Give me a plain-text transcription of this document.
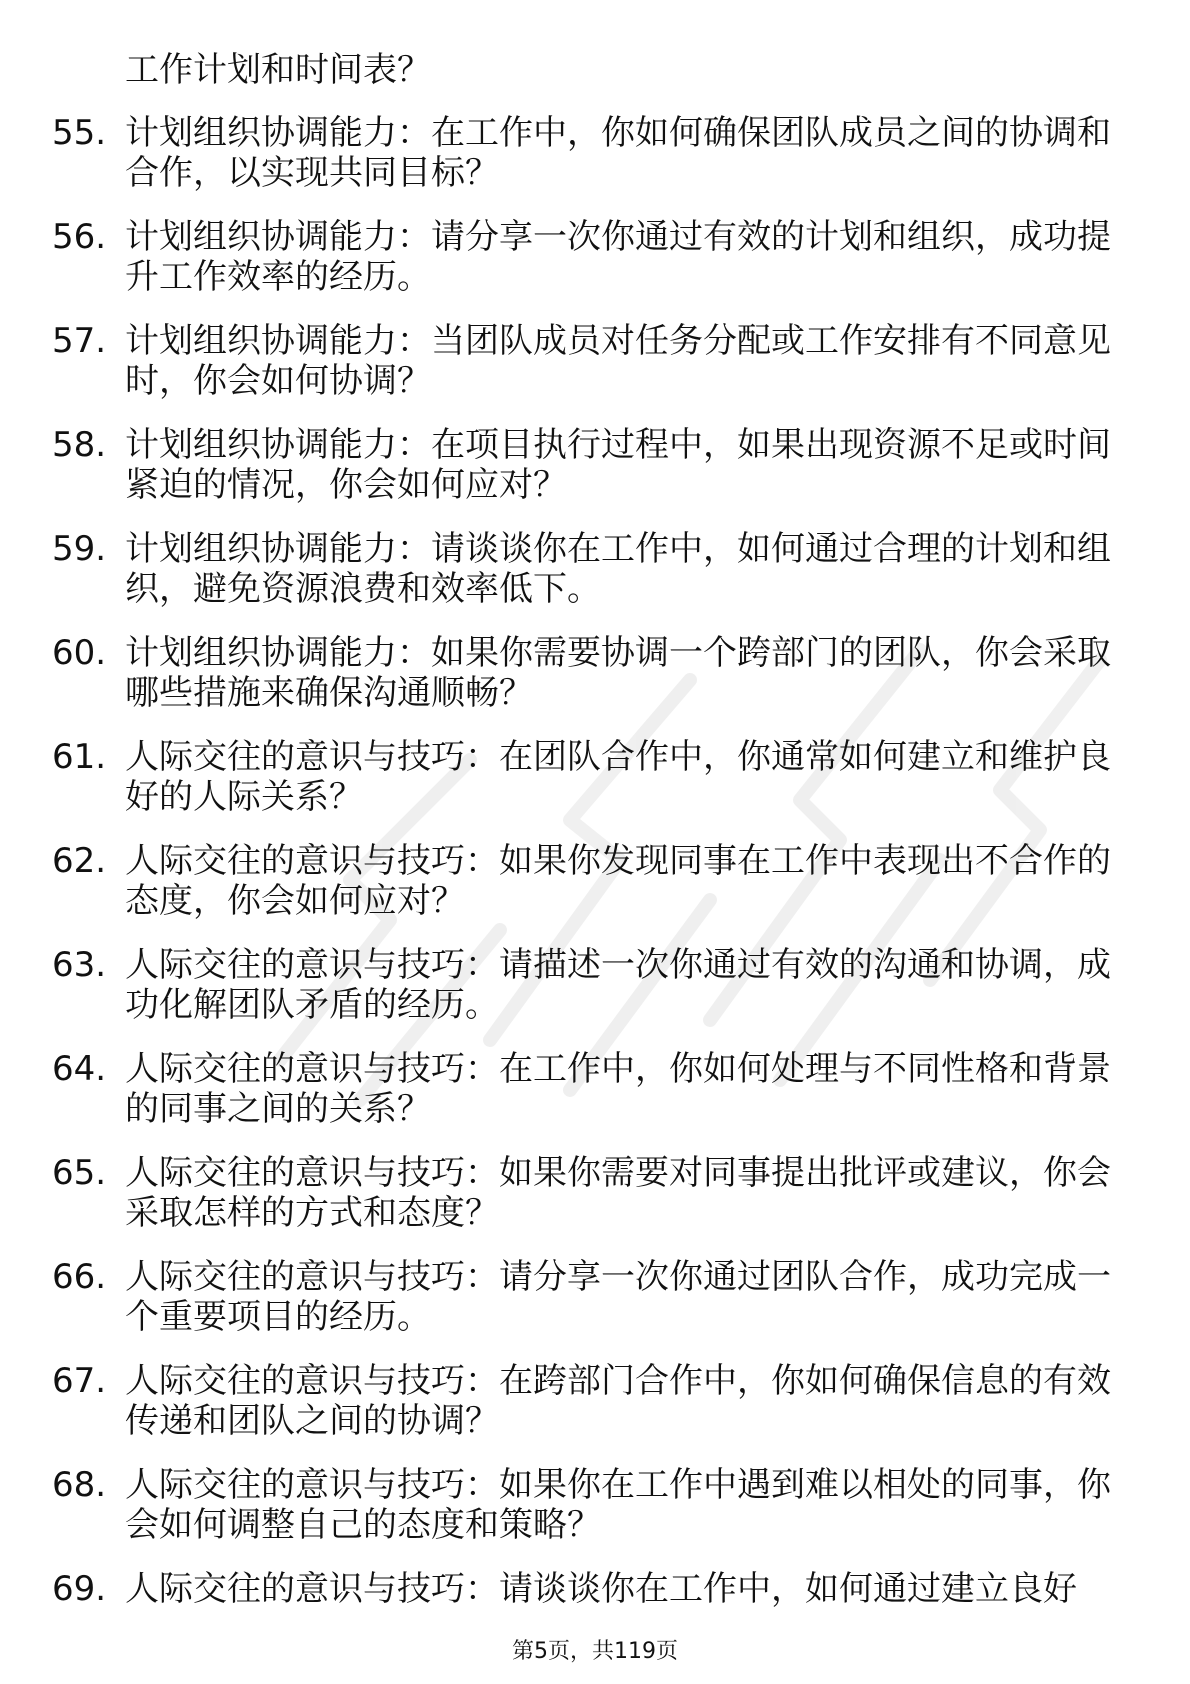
工作计划和时间表？
55. 计划组织协调能力：在工作中，你如何确保团队成员之间的协调和合作，以实现共同目标？
56. 计划组织协调能力：请分享一次你通过有效的计划和组织，成功提升工作效率的经历。
57. 计划组织协调能力：当团队成员对任务分配或工作安排有不同意见时，你会如何协调？
58. 计划组织协调能力：在项目执行过程中，如果出现资源不足或时间紧迫的情况，你会如何应对？
59. 计划组织协调能力：请谈谈你在工作中，如何通过合理的计划和组织，避免资源浪费和效率低下。
60. 计划组织协调能力：如果你需要协调一个跨部门的团队，你会采取哪些措施来确保沟通顺畅？
61. 人际交往的意识与技巧：在团队合作中，你通常如何建立和维护良好的人际关系？
62. 人际交往的意识与技巧：如果你发现同事在工作中表现出不合作的态度，你会如何应对？
63. 人际交往的意识与技巧：请描述一次你通过有效的沟通和协调，成功化解团队矛盾的经历。
64. 人际交往的意识与技巧：在工作中，你如何处理与不同性格和背景的同事之间的关系？
65. 人际交往的意识与技巧：如果你需要对同事提出批评或建议，你会采取怎样的方式和态度？
66. 人际交往的意识与技巧：请分享一次你通过团队合作，成功完成一个重要项目的经历。
67. 人际交往的意识与技巧：在跨部门合作中，你如何确保信息的有效传递和团队之间的协调？
68. 人际交往的意识与技巧：如果你在工作中遇到难以相处的同事，你会如何调整自己的态度和策略？
69. 人际交往的意识与技巧：请谈谈你在工作中，如何通过建立良好
第5页，共119页
